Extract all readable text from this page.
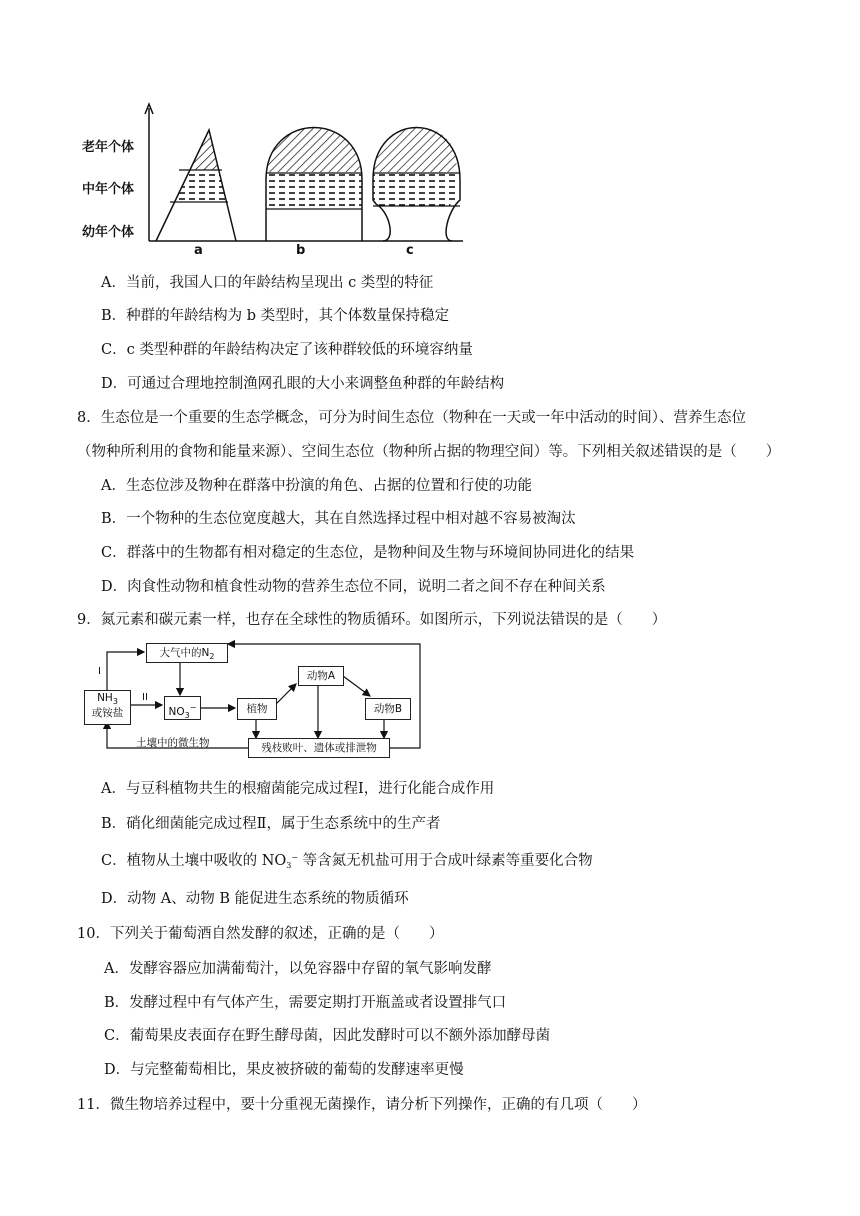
老年个体
中年个体
幼年个体
a	b	c
A．当前，我国人口的年龄结构呈现出 c 类型的特征
B．种群的年龄结构为 b 类型时，其个体数量保持稳定
C．c 类型种群的年龄结构决定了该种群较低的环境容纳量
D．可通过合理地控制渔网孔眼的大小来调整鱼种群的年龄结构
8．生态位是一个重要的生态学概念，可分为时间生态位（物种在一天或一年中活动的时间）、营养生态位
（物种所利用的食物和能量来源）、空间生态位（物种所占据的物理空间）等。下列相关叙述错误的是（　　）
A．生态位涉及物种在群落中扮演的角色、占据的位置和行使的功能
B．一个物种的生态位宽度越大，其在自然选择过程中相对越不容易被淘汰
C．群落中的生物都有相对稳定的生态位，是物种间及生物与环境间协同进化的结果
D．肉食性动物和植食性动物的营养生态位不同，说明二者之间不存在种间关系
9．氮元素和碳元素一样，也存在全球性的物质循环。如图所示，下列说法错误的是（　　）
大气中的$N_2$
$NH_3$
或铵盐	$NO_3^-$	植物
动物A
动物B
残枝败叶、遗体或排泄物
土壤中的微生物
I
II
A．与豆科植物共生的根瘤菌能完成过程Ⅰ，进行化能合成作用
B．硝化细菌能完成过程Ⅱ，属于生态系统中的生产者
C．植物从土壤中吸收的 $NO_3^-$ 等含氮无机盐可用于合成叶绿素等重要化合物
D．动物 A、动物 B 能促进生态系统的物质循环
10．下列关于葡萄酒自然发酵的叙述，正确的是（　　）
A．发酵容器应加满葡萄汁，以免容器中存留的氧气影响发酵
B．发酵过程中有气体产生，需要定期打开瓶盖或者设置排气口
C．葡萄果皮表面存在野生酵母菌，因此发酵时可以不额外添加酵母菌
D．与完整葡萄相比，果皮被挤破的葡萄的发酵速率更慢
11．微生物培养过程中，要十分重视无菌操作，请分析下列操作，正确的有几项（　　）
